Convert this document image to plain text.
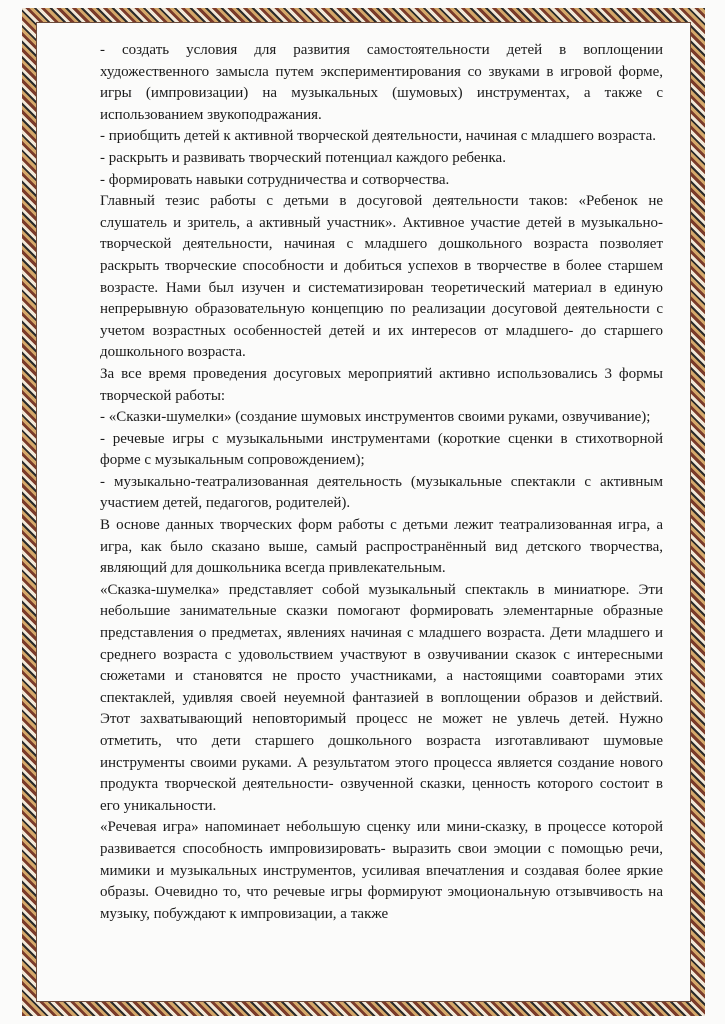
- создать условия для развития самостоятельности детей в воплощении художественного замысла путем экспериментирования со звуками в игровой форме, игры (импровизации) на музыкальных (шумовых) инструментах, а также с использованием звукоподражания.

- приобщить детей к активной творческой деятельности, начиная с младшего возраста.

- раскрыть и развивать творческий потенциал каждого ребенка.

- формировать навыки сотрудничества и сотворчества.

Главный тезис работы с детьми в досуговой деятельности таков: «Ребенок не слушатель и зритель, а активный участник». Активное участие детей в музыкально-творческой деятельности, начиная с младшего дошкольного возраста позволяет раскрыть творческие способности и добиться успехов в творчестве в более старшем возрасте. Нами был изучен и систематизирован теоретический материал в единую непрерывную образовательную концепцию по реализации досуговой деятельности с учетом возрастных особенностей детей и их интересов от младшего- до старшего дошкольного возраста.

За все время проведения досуговых мероприятий активно использовались 3 формы творческой работы:

- «Сказки-шумелки» (создание шумовых инструментов своими руками, озвучивание);

- речевые игры с музыкальными инструментами (короткие сценки в стихотворной форме с музыкальным сопровождением);

- музыкально-театрализованная деятельность (музыкальные спектакли с активным участием детей, педагогов, родителей).

В основе данных творческих форм работы с детьми лежит театрализованная игра, а игра, как было сказано выше, самый распространённый вид детского творчества, являющий для дошкольника всегда привлекательным.

«Сказка-шумелка» представляет собой музыкальный спектакль в миниатюре. Эти небольшие занимательные сказки помогают формировать элементарные образные представления о предметах, явлениях начиная с младшего возраста. Дети младшего и среднего возраста с удовольствием участвуют в озвучивании сказок с интересными сюжетами и становятся не просто участниками, а настоящими соавторами этих спектаклей, удивляя своей неуемной фантазией в воплощении образов и действий. Этот захватывающий неповторимый процесс не может не увлечь детей. Нужно отметить, что дети старшего дошкольного возраста изготавливают шумовые инструменты своими руками. А результатом этого процесса является создание нового продукта творческой деятельности- озвученной сказки, ценность которого состоит в его уникальности.

«Речевая игра» напоминает небольшую сценку или мини-сказку, в процессе которой развивается способность импровизировать- выразить свои эмоции с помощью речи, мимики и музыкальных инструментов, усиливая впечатления и создавая более яркие образы. Очевидно то, что речевые игры формируют эмоциональную отзывчивость на музыку, побуждают к импровизации, а также
